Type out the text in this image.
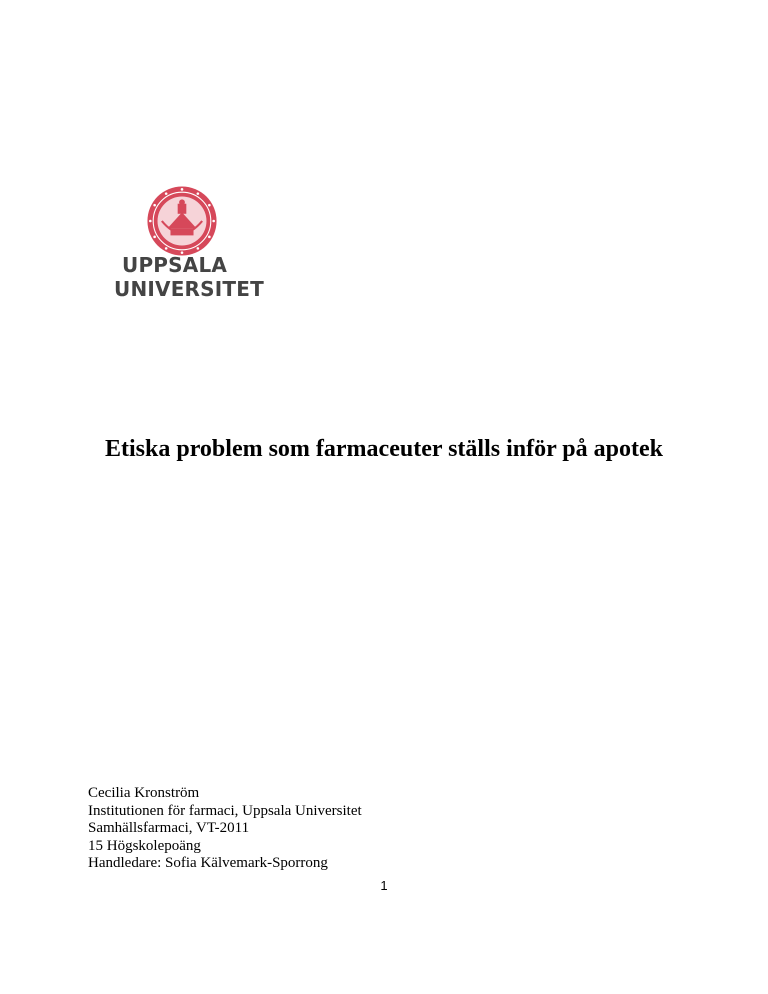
UPPSALA
UNIVERSITET
Etiska problem som farmaceuter ställs inför på apotek
Cecilia Kronström
Institutionen för farmaci, Uppsala Universitet
Samhällsfarmaci, VT-2011
15 Högskolepoäng
Handledare: Sofia Kälvemark-Sporrong
1
